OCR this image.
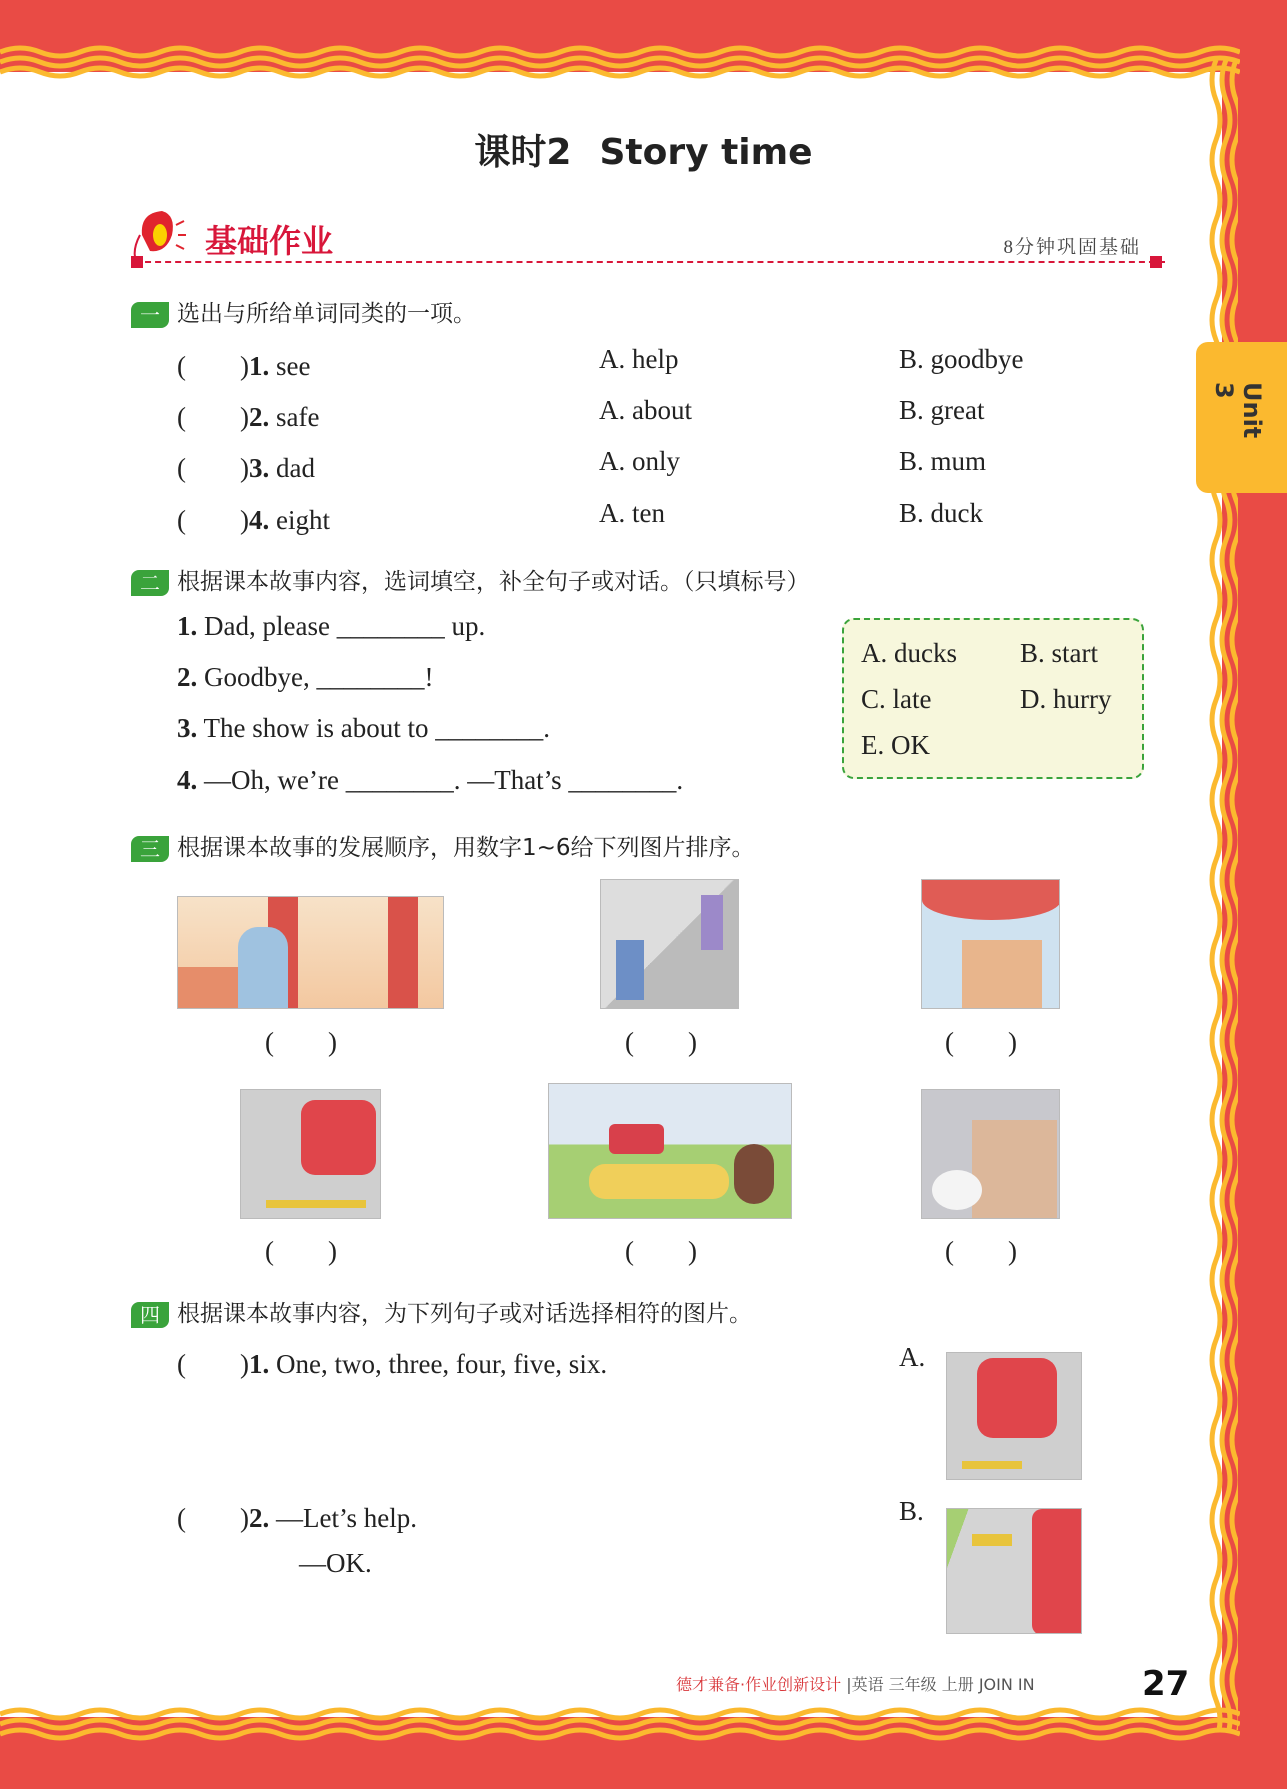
课时2 Story time
基础作业	8分钟巩固基础
Unit 3
一 选出与所给单词同类的一项。
(　　)1. see	A. help	B. goodbye
(　　)2. safe	A. about	B. great
(　　)3. dad	A. only	B. mum
(　　)4. eight	A. ten	B. duck
二 根据课本故事内容，选词填空，补全句子或对话。（只填标号）
1. Dad, please ________ up.
2. Goodbye, ________!
3. The show is about to ________.
4. —Oh, we’re ________. —That’s ________.
A. ducks B. start
C. late	D. hurry
E. OK
三 根据课本故事的发展顺序，用数字1~6给下列图片排序。
(　　)	(　　)	(　　)
(　　)	(　　)	(　　)
四 根据课本故事内容，为下列句子或对话选择相符的图片。
(　　)1. One, two, three, four, five, six.	A.
(　　)2. —Let’s help.
—OK.
B.
德才兼备·作业创新设计 |英语 三年级 上册 JOIN IN	27
